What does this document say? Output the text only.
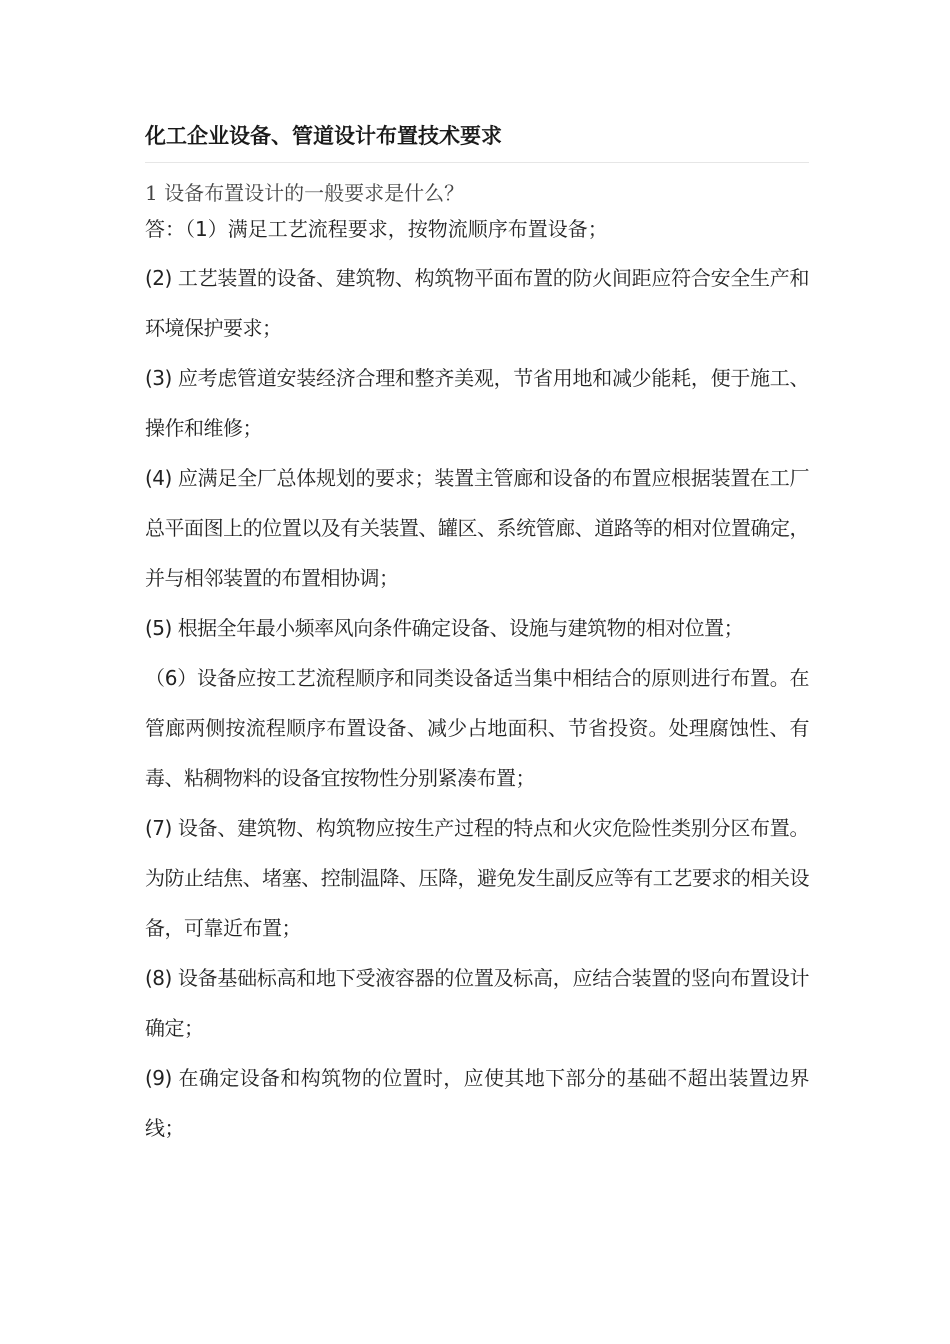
化工企业设备、管道设计布置技术要求
1 设备布置设计的一般要求是什么？
答：（1）满足工艺流程要求，按物流顺序布置设备；
(2) 工艺装置的设备、建筑物、构筑物平面布置的防火间距应符合安全生产和环境保护要求；
(3) 应考虑管道安装经济合理和整齐美观，节省用地和减少能耗，便于施工、操作和维修；
(4) 应满足全厂总体规划的要求；装置主管廊和设备的布置应根据装置在工厂总平面图上的位置以及有关装置、罐区、系统管廊、道路等的相对位置确定，并与相邻装置的布置相协调；
(5) 根据全年最小频率风向条件确定设备、设施与建筑物的相对位置；
（6）设备应按工艺流程顺序和同类设备适当集中相结合的原则进行布置。在管廊两侧按流程顺序布置设备、减少占地面积、节省投资。处理腐蚀性、有毒、粘稠物料的设备宜按物性分别紧凑布置；
(7) 设备、建筑物、构筑物应按生产过程的特点和火灾危险性类别分区布置。为防止结焦、堵塞、控制温降、压降，避免发生副反应等有工艺要求的相关设备，可靠近布置；
(8) 设备基础标高和地下受液容器的位置及标高，应结合装置的竖向布置设计确定；
(9) 在确定设备和构筑物的位置时，应使其地下部分的基础不超出装置边界线；
